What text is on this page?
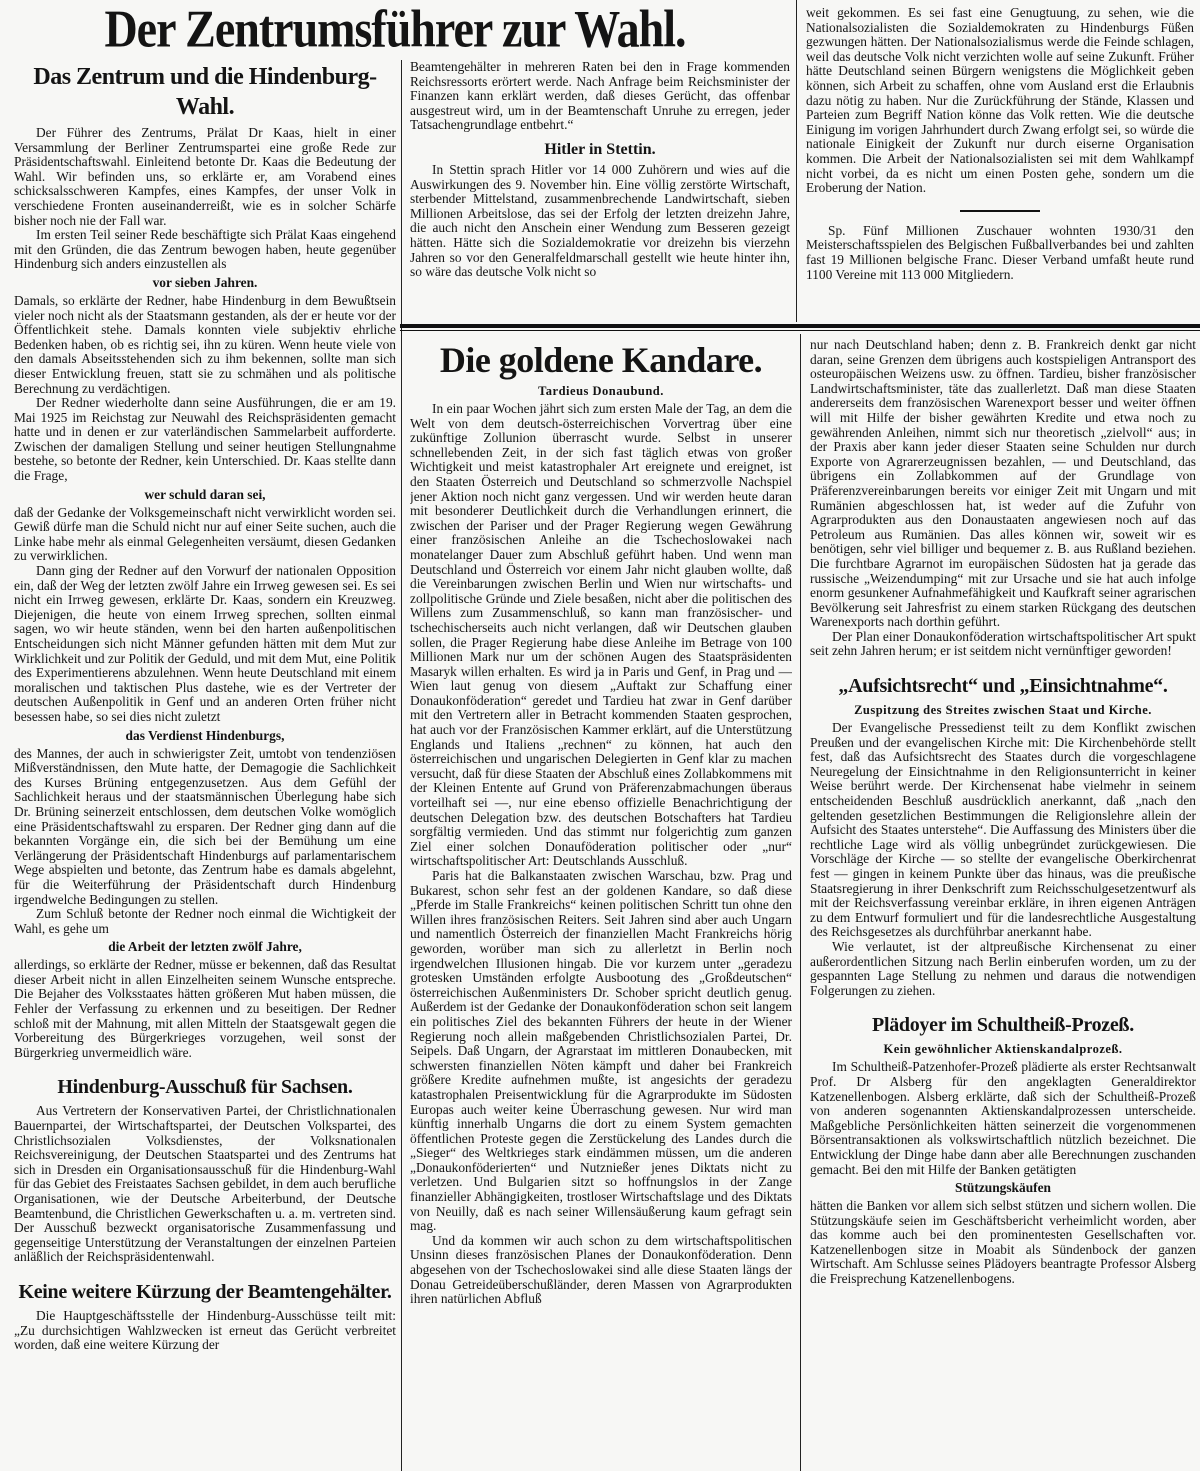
Der Zentrumsführer zur Wahl.

Das Zentrum und die Hindenburg-Wahl.

Der Führer des Zentrums, Prälat Dr Kaas, hielt in einer Versammlung der Berliner Zentrumspartei eine große Rede zur Präsidentschaftswahl. Einleitend betonte Dr. Kaas die Bedeutung der Wahl. Wir befinden uns, so erklärte er, am Vorabend eines schicksalsschweren Kampfes, eines Kampfes, der unser Volk in verschiedene Fronten auseinanderreißt, wie es in solcher Schärfe bisher noch nie der Fall war.

Im ersten Teil seiner Rede beschäftigte sich Prälat Kaas eingehend mit den Gründen, die das Zentrum bewogen haben, heute gegenüber Hindenburg sich anders einzustellen als

vor sieben Jahren.

Damals, so erklärte der Redner, habe Hindenburg in dem Bewußtsein vieler noch nicht als der Staatsmann gestanden, als der er heute vor der Öffentlichkeit stehe. Damals konnten viele subjektiv ehrliche Bedenken haben, ob es richtig sei, ihn zu küren. Wenn heute viele von den damals Abseitsstehenden sich zu ihm bekennen, sollte man sich dieser Entwicklung freuen, statt sie zu schmähen und als politische Berechnung zu verdächtigen.

Der Redner wiederholte dann seine Ausführungen, die er am 19. Mai 1925 im Reichstag zur Neuwahl des Reichspräsidenten gemacht hatte und in denen er zur vaterländischen Sammelarbeit aufforderte. Zwischen der damaligen Stellung und seiner heutigen Stellungnahme bestehe, so betonte der Redner, kein Unterschied. Dr. Kaas stellte dann die Frage,

wer schuld daran sei,

daß der Gedanke der Volksgemeinschaft nicht verwirklicht worden sei. Gewiß dürfe man die Schuld nicht nur auf einer Seite suchen, auch die Linke habe mehr als einmal Gelegenheiten versäumt, diesen Gedanken zu verwirklichen.

Dann ging der Redner auf den Vorwurf der nationalen Opposition ein, daß der Weg der letzten zwölf Jahre ein Irrweg gewesen sei. Es sei nicht ein Irrweg gewesen, erklärte Dr. Kaas, sondern ein Kreuzweg. Diejenigen, die heute von einem Irrweg sprechen, sollten einmal sagen, wo wir heute ständen, wenn bei den harten außenpolitischen Entscheidungen sich nicht Männer gefunden hätten mit dem Mut zur Wirklichkeit und zur Politik der Geduld, und mit dem Mut, eine Politik des Experimentierens abzulehnen. Wenn heute Deutschland mit einem moralischen und taktischen Plus dastehe, wie es der Vertreter der deutschen Außenpolitik in Genf und an anderen Orten früher nicht besessen habe, so sei dies nicht zuletzt

das Verdienst Hindenburgs,

des Mannes, der auch in schwierigster Zeit, umtobt von tendenziösen Mißverständnissen, den Mute hatte, der Demagogie die Sachlichkeit des Kurses Brüning entgegenzusetzen. Aus dem Gefühl der Sachlichkeit heraus und der staatsmännischen Überlegung habe sich Dr. Brüning seinerzeit entschlossen, dem deutschen Volke womöglich eine Präsidentschaftswahl zu ersparen. Der Redner ging dann auf die bekannten Vorgänge ein, die sich bei der Bemühung um eine Verlängerung der Präsidentschaft Hindenburgs auf parlamentarischem Wege abspielten und betonte, das Zentrum habe es damals abgelehnt, für die Weiterführung der Präsidentschaft durch Hindenburg irgendwelche Bedingungen zu stellen.

Zum Schluß betonte der Redner noch einmal die Wichtigkeit der Wahl, es gehe um

die Arbeit der letzten zwölf Jahre,

allerdings, so erklärte der Redner, müsse er bekennen, daß das Resultat dieser Arbeit nicht in allen Einzelheiten seinem Wunsche entspreche. Die Bejaher des Volksstaates hätten größeren Mut haben müssen, die Fehler der Verfassung zu erkennen und zu beseitigen. Der Redner schloß mit der Mahnung, mit allen Mitteln der Staatsgewalt gegen die Vorbereitung des Bürgerkrieges vorzugehen, weil sonst der Bürgerkrieg unvermeidlich wäre.

Hindenburg-Ausschuß für Sachsen.

Aus Vertretern der Konservativen Partei, der Christlichnationalen Bauernpartei, der Wirtschaftspartei, der Deutschen Volkspartei, des Christlichsozialen Volksdienstes, der Volksnationalen Reichsvereinigung, der Deutschen Staatspartei und des Zentrums hat sich in Dresden ein Organisationsausschuß für die Hindenburg-Wahl für das Gebiet des Freistaates Sachsen gebildet, in dem auch berufliche Organisationen, wie der Deutsche Arbeiterbund, der Deutsche Beamtenbund, die Christlichen Gewerkschaften u. a. m. vertreten sind. Der Ausschuß bezweckt organisatorische Zusammenfassung und gegenseitige Unterstützung der Veranstaltungen der einzelnen Parteien anläßlich der Reichspräsidentenwahl.

Keine weitere Kürzung der Beamtengehälter.

Die Hauptgeschäftsstelle der Hindenburg-Ausschüsse teilt mit: „Zu durchsichtigen Wahlzwecken ist erneut das Gerücht verbreitet worden, daß eine weitere Kürzung der

Beamtengehälter in mehreren Raten bei den in Frage kommenden Reichsressorts erörtert werde. Nach Anfrage beim Reichsminister der Finanzen kann erklärt werden, daß dieses Gerücht, das offenbar ausgestreut wird, um in der Beamtenschaft Unruhe zu erregen, jeder Tatsachengrundlage entbehrt.“

Hitler in Stettin.

In Stettin sprach Hitler vor 14 000 Zuhörern und wies auf die Auswirkungen des 9. November hin. Eine völlig zerstörte Wirtschaft, sterbender Mittelstand, zusammenbrechende Landwirtschaft, sieben Millionen Arbeitslose, das sei der Erfolg der letzten dreizehn Jahre, die auch nicht den Anschein einer Wendung zum Besseren gezeigt hätten. Hätte sich die Sozialdemokratie vor dreizehn bis vierzehn Jahren so vor den Generalfeldmarschall gestellt wie heute hinter ihn, so wäre das deutsche Volk nicht so

weit gekommen. Es sei fast eine Genugtuung, zu sehen, wie die Nationalsozialisten die Sozialdemokraten zu Hindenburgs Füßen gezwungen hätten. Der Nationalsozialismus werde die Feinde schlagen, weil das deutsche Volk nicht verzichten wolle auf seine Zukunft. Früher hätte Deutschland seinen Bürgern wenigstens die Möglichkeit geben können, sich Arbeit zu schaffen, ohne vom Ausland erst die Erlaubnis dazu nötig zu haben. Nur die Zurückführung der Stände, Klassen und Parteien zum Begriff Nation könne das Volk retten. Wie die deutsche Einigung im vorigen Jahrhundert durch Zwang erfolgt sei, so würde die nationale Einigkeit der Zukunft nur durch eiserne Organisation kommen. Die Arbeit der Nationalsozialisten sei mit dem Wahlkampf nicht vorbei, da es nicht um einen Posten gehe, sondern um die Eroberung der Nation.

Sp. Fünf Millionen Zuschauer wohnten 1930/31 den Meisterschaftsspielen des Belgischen Fußballverbandes bei und zahlten fast 19 Millionen belgische Franc. Dieser Verband umfaßt heute rund 1100 Vereine mit 113 000 Mitgliedern.

Die goldene Kandare.

Tardieus Donaubund.

In ein paar Wochen jährt sich zum ersten Male der Tag, an dem die Welt von dem deutsch-österreichischen Vorvertrag über eine zukünftige Zollunion überrascht wurde. Selbst in unserer schnellebenden Zeit, in der sich fast täglich etwas von großer Wichtigkeit und meist katastrophaler Art ereignete und ereignet, ist den Staaten Österreich und Deutschland so schmerzvolle Nachspiel jener Aktion noch nicht ganz vergessen. Und wir werden heute daran mit besonderer Deutlichkeit durch die Verhandlungen erinnert, die zwischen der Pariser und der Prager Regierung wegen Gewährung einer französischen Anleihe an die Tschechoslowakei nach monatelanger Dauer zum Abschluß geführt haben. Und wenn man Deutschland und Österreich vor einem Jahr nicht glauben wollte, daß die Vereinbarungen zwischen Berlin und Wien nur wirtschafts- und zollpolitische Gründe und Ziele besaßen, nicht aber die politischen des Willens zum Zusammenschluß, so kann man französischer- und tschechischerseits auch nicht verlangen, daß wir Deutschen glauben sollen, die Prager Regierung habe diese Anleihe im Betrage von 100 Millionen Mark nur um der schönen Augen des Staatspräsidenten Masaryk willen erhalten. Es wird ja in Paris und Genf, in Prag und — Wien laut genug von diesem „Auftakt zur Schaffung einer Donaukonföderation“ geredet und Tardieu hat zwar in Genf darüber mit den Vertretern aller in Betracht kommenden Staaten gesprochen, hat auch vor der Französischen Kammer erklärt, auf die Unterstützung Englands und Italiens „rechnen“ zu können, hat auch den österreichischen und ungarischen Delegierten in Genf klar zu machen versucht, daß für diese Staaten der Abschluß eines Zollabkommens mit der Kleinen Entente auf Grund von Präferenzabmachungen überaus vorteilhaft sei —, nur eine ebenso offizielle Benachrichtigung der deutschen Delegation bzw. des deutschen Botschafters hat Tardieu sorgfältig vermieden. Und das stimmt nur folgerichtig zum ganzen Ziel einer solchen Donauföderation politischer oder „nur“ wirtschaftspolitischer Art: Deutschlands Ausschluß.

Paris hat die Balkanstaaten zwischen Warschau, bzw. Prag und Bukarest, schon sehr fest an der goldenen Kandare, so daß diese „Pferde im Stalle Frankreichs“ keinen politischen Schritt tun ohne den Willen ihres französischen Reiters. Seit Jahren sind aber auch Ungarn und namentlich Österreich der finanziellen Macht Frankreichs hörig geworden, worüber man sich zu allerletzt in Berlin noch irgendwelchen Illusionen hingab. Die vor kurzem unter „geradezu grotesken Umständen erfolgte Ausbootung des „Großdeutschen“ österreichischen Außenministers Dr. Schober spricht deutlich genug. Außerdem ist der Gedanke der Donaukonföderation schon seit langem ein politisches Ziel des bekannten Führers der heute in der Wiener Regierung noch allein maßgebenden Christlichsozialen Partei, Dr. Seipels. Daß Ungarn, der Agrarstaat im mittleren Donaubecken, mit schwersten finanziellen Nöten kämpft und daher bei Frankreich größere Kredite aufnehmen mußte, ist angesichts der geradezu katastrophalen Preisentwicklung für die Agrarprodukte im Südosten Europas auch weiter keine Überraschung gewesen. Nur wird man künftig innerhalb Ungarns die dort zu einem System gemachten öffentlichen Proteste gegen die Zerstückelung des Landes durch die „Sieger“ des Weltkrieges stark eindämmen müssen, um die anderen „Donaukonföderierten“ und Nutznießer jenes Diktats nicht zu verletzen. Und Bulgarien sitzt so hoffnungslos in der Zange finanzieller Abhängigkeiten, trostloser Wirtschaftslage und des Diktats von Neuilly, daß es nach seiner Willensäußerung kaum gefragt sein mag.

Und da kommen wir auch schon zu dem wirtschaftspolitischen Unsinn dieses französischen Planes der Donaukonföderation. Denn abgesehen von der Tschechoslowakei sind alle diese Staaten längs der Donau Getreideüberschußländer, deren Massen von Agrarprodukten ihren natürlichen Abfluß

nur nach Deutschland haben; denn z. B. Frankreich denkt gar nicht daran, seine Grenzen dem übrigens auch kostspieligen Antransport des osteuropäischen Weizens usw. zu öffnen. Tardieu, bisher französischer Landwirtschaftsminister, täte das zuallerletzt. Daß man diese Staaten andererseits dem französischen Warenexport besser und weiter öffnen will mit Hilfe der bisher gewährten Kredite und etwa noch zu gewährenden Anleihen, nimmt sich nur theoretisch „zielvoll“ aus; in der Praxis aber kann jeder dieser Staaten seine Schulden nur durch Exporte von Agrarerzeugnissen bezahlen, — und Deutschland, das übrigens ein Zollabkommen auf der Grundlage von Präferenzvereinbarungen bereits vor einiger Zeit mit Ungarn und mit Rumänien abgeschlossen hat, ist weder auf die Zufuhr von Agrarprodukten aus den Donaustaaten angewiesen noch auf das Petroleum aus Rumänien. Das alles können wir, soweit wir es benötigen, sehr viel billiger und bequemer z. B. aus Rußland beziehen. Die furchtbare Agrarnot im europäischen Südosten hat ja gerade das russische „Weizendumping“ mit zur Ursache und sie hat auch infolge enorm gesunkener Aufnahmefähigkeit und Kaufkraft seiner agrarischen Bevölkerung seit Jahresfrist zu einem starken Rückgang des deutschen Warenexports nach dorthin geführt.

Der Plan einer Donaukonföderation wirtschaftspolitischer Art spukt seit zehn Jahren herum; er ist seitdem nicht vernünftiger geworden!

„Aufsichtsrecht“ und „Einsichtnahme“.

Zuspitzung des Streites zwischen Staat und Kirche.

Der Evangelische Pressedienst teilt zu dem Konflikt zwischen Preußen und der evangelischen Kirche mit: Die Kirchenbehörde stellt fest, daß das Aufsichtsrecht des Staates durch die vorgeschlagene Neuregelung der Einsichtnahme in den Religionsunterricht in keiner Weise berührt werde. Der Kirchensenat habe vielmehr in seinem entscheidenden Beschluß ausdrücklich anerkannt, daß „nach den geltenden gesetzlichen Bestimmungen die Religionslehre allein der Aufsicht des Staates unterstehe“. Die Auffassung des Ministers über die rechtliche Lage wird als völlig unbegründet zurückgewiesen. Die Vorschläge der Kirche — so stellte der evangelische Oberkirchenrat fest — gingen in keinem Punkte über das hinaus, was die preußische Staatsregierung in ihrer Denkschrift zum Reichsschulgesetzentwurf als mit der Reichsverfassung vereinbar erkläre, in ihren eigenen Anträgen zu dem Entwurf formuliert und für die landesrechtliche Ausgestaltung des Reichsgesetzes als durchführbar anerkannt habe.

Wie verlautet, ist der altpreußische Kirchensenat zu einer außerordentlichen Sitzung nach Berlin einberufen worden, um zu der gespannten Lage Stellung zu nehmen und daraus die notwendigen Folgerungen zu ziehen.

Plädoyer im Schultheiß-Prozeß.

Kein gewöhnlicher Aktienskandalprozeß.

Im Schultheiß-Patzenhofer-Prozeß plädierte als erster Rechtsanwalt Prof. Dr Alsberg für den angeklagten Generaldirektor Katzenellenbogen. Alsberg erklärte, daß sich der Schultheiß-Prozeß von anderen sogenannten Aktienskandalprozessen unterscheide. Maßgebliche Persönlichkeiten hätten seinerzeit die vorgenommenen Börsentransaktionen als volkswirtschaftlich nützlich bezeichnet. Die Entwicklung der Dinge habe dann aber alle Berechnungen zuschanden gemacht. Bei den mit Hilfe der Banken getätigten

Stützungskäufen

hätten die Banken vor allem sich selbst stützen und sichern wollen. Die Stützungskäufe seien im Geschäftsbericht verheimlicht worden, aber das komme auch bei den prominentesten Gesellschaften vor. Katzenellenbogen sitze in Moabit als Sündenbock der ganzen Wirtschaft. Am Schlusse seines Plädoyers beantragte Professor Alsberg die Freisprechung Katzenellenbogens.
